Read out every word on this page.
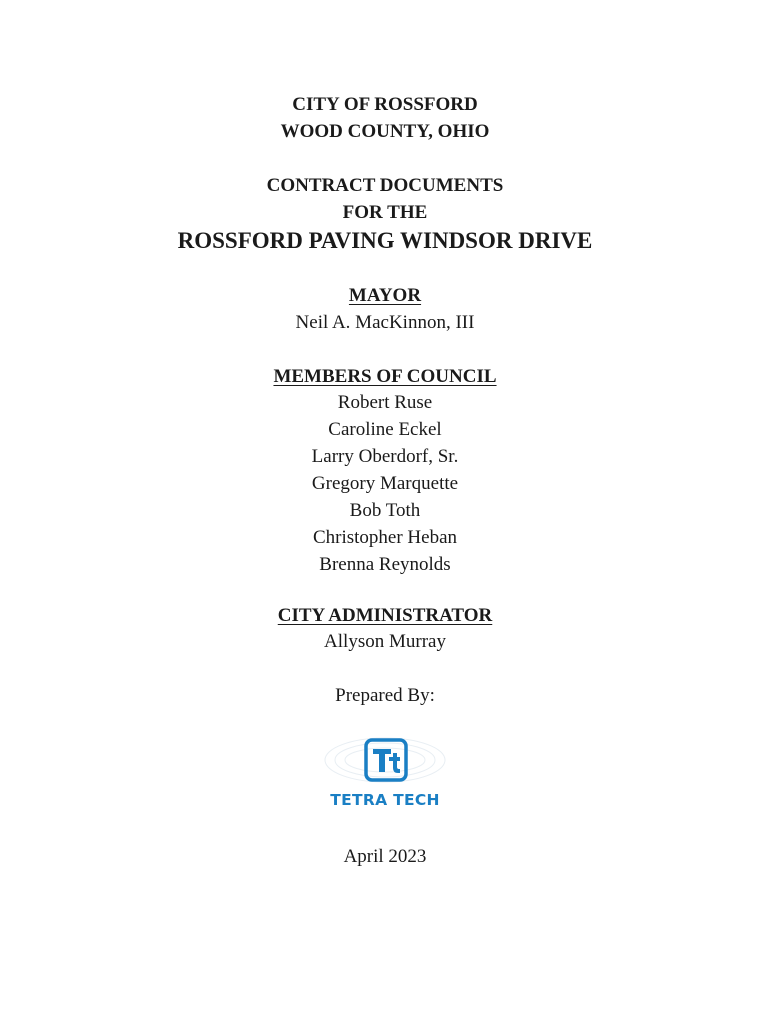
CITY OF ROSSFORD
WOOD COUNTY, OHIO
CONTRACT DOCUMENTS
FOR THE
ROSSFORD PAVING WINDSOR DRIVE
MAYOR
Neil A. MacKinnon, III
MEMBERS OF COUNCIL
Robert Ruse
Caroline Eckel
Larry Oberdorf, Sr.
Gregory Marquette
Bob Toth
Christopher Heban
Brenna Reynolds
CITY ADMINISTRATOR
Allyson Murray
Prepared By:
TETRA TECH
April 2023
